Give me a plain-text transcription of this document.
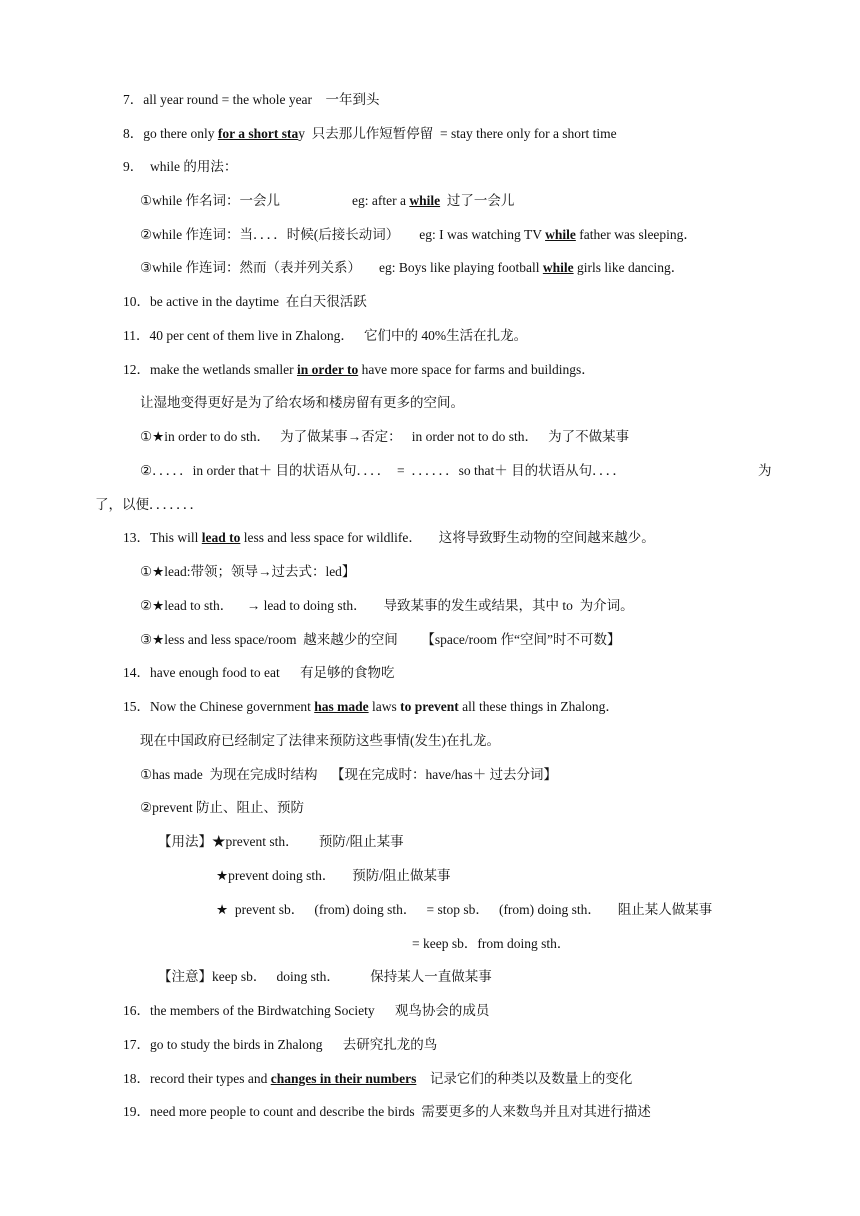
7．all year round = the whole year　一年到头
8．go there only for a short stay  只去那儿作短暂停留  = stay there only for a short time
9．  while 的用法：
①while 作名词：一会儿	eg: after a while  过了一会儿
②while 作连词：当．．．．时候(后接长动词） eg: I was watching TV while father was sleeping．
③while 作连词：然而（表并列关系） eg: Boys like playing football while girls like dancing．
10．be active in the daytime  在白天很活跃
11．40 per cent of them live in Zhalong．   它们中的 40%生活在扎龙。
12．make the wetlands smaller in order to have more space for farms and buildings．
让湿地变得更好是为了给农场和楼房留有更多的空间。
①★in order to do sth．   为了做某事→否定：   in order not to do sth．   为了不做某事
②．．．．．in order that＋ 目的状语从句．．．．  =  ．．．．．．so that＋ 目的状语从句．．．．	为
了，以便．．．．．．．
13．This will lead to less and less space for wildlife．     这将导致野生动物的空间越来越少。
①★lead:带领；领导→过去式：led】
②★lead to sth．    → lead to doing sth．     导致某事的发生或结果，其中 to  为介词。
③★less and less space/room  越来越少的空间       【space/room 作“空间”时不可数】
14．have enough food to eat      有足够的食物吃
15．Now the Chinese government has made laws to prevent all these things in Zhalong．
现在中国政府已经制定了法律来预防这些事情(发生)在扎龙。
①has made  为现在完成时结构    【现在完成时：have/has＋ 过去分词】
②prevent 防止、阻止、预防
【用法】★prevent sth．      预防/阻止某事
★prevent doing sth．     预防/阻止做某事
★  prevent sb．   (from) doing sth．   = stop sb．   (from) doing sth．     阻止某人做某事
= keep sb．from doing sth．
【注意】keep sb．   doing sth．         保持某人一直做某事
16．the members of the Birdwatching Society      观鸟协会的成员
17．go to study the birds in Zhalong      去研究扎龙的鸟
18．record their types and changes in their numbers    记录它们的种类以及数量上的变化
19．need more people to count and describe the birds  需要更多的人来数鸟并且对其进行描述
